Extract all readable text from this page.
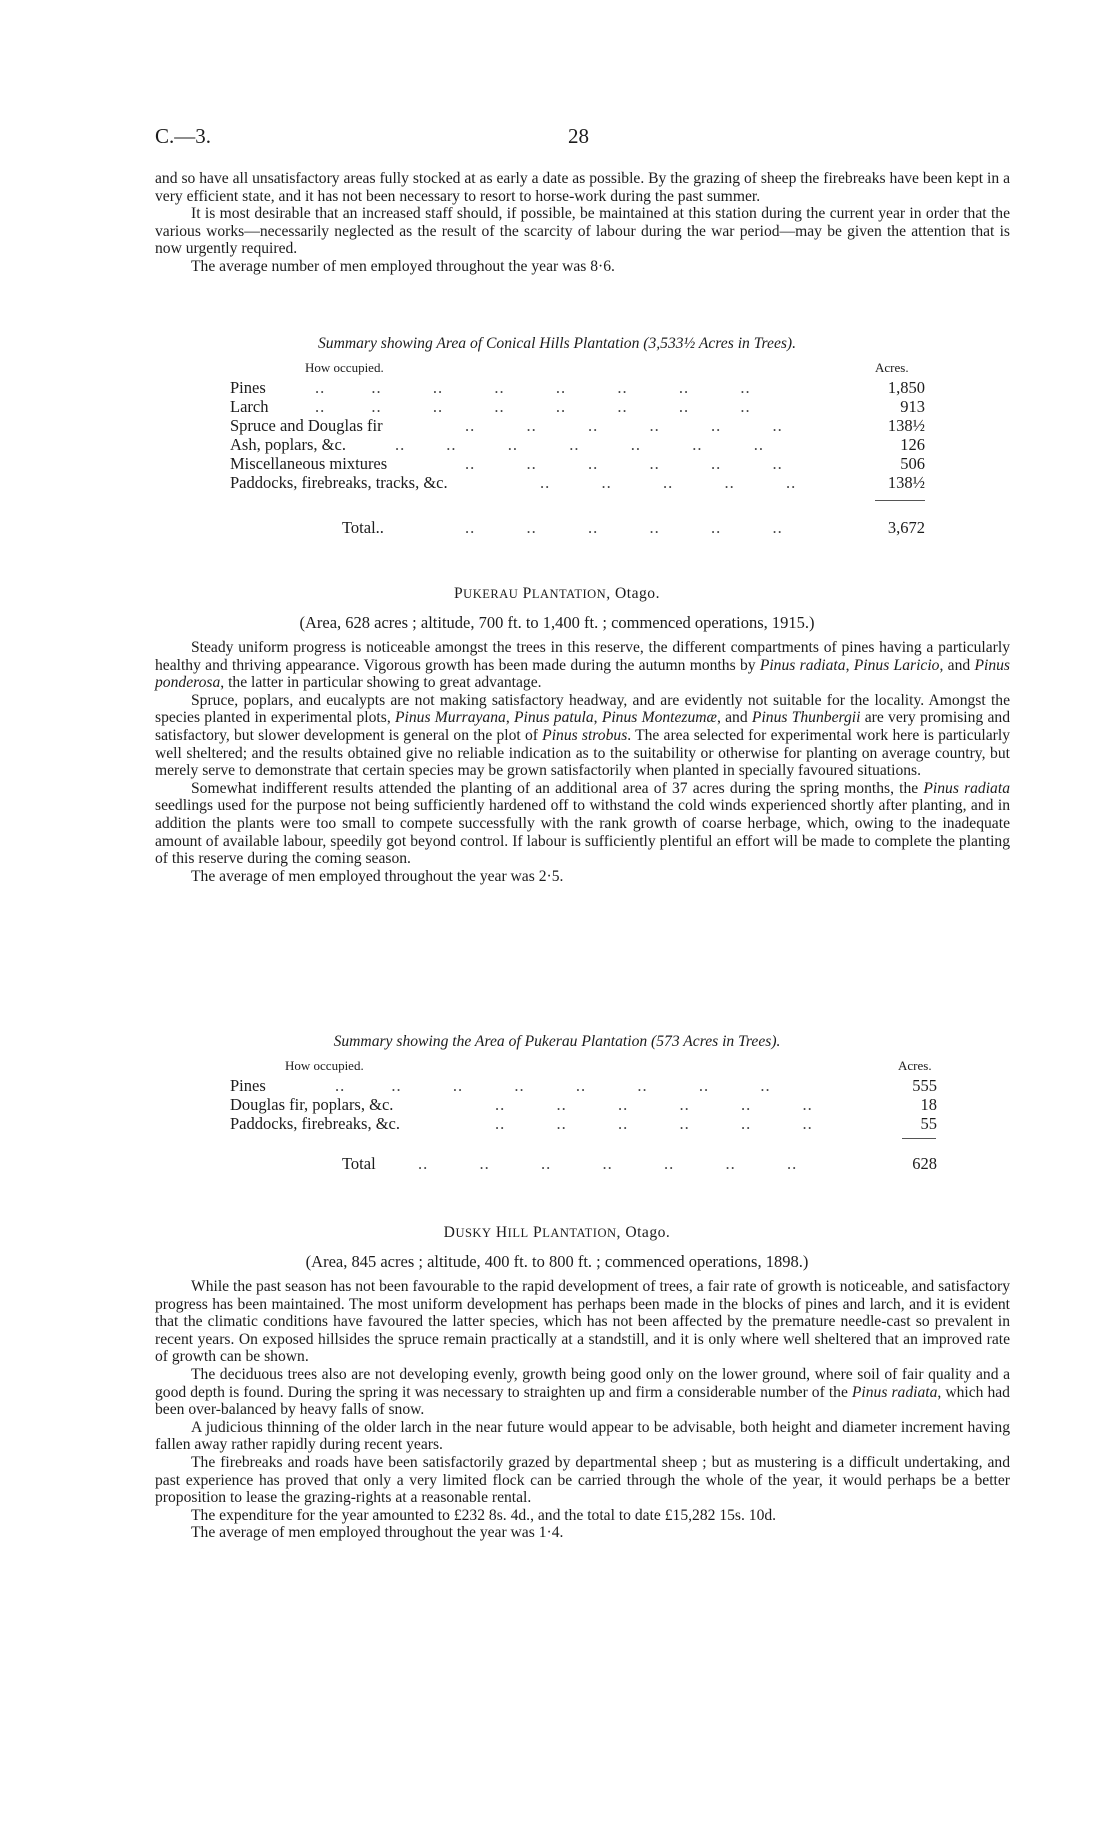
C.—3.	28

and so have all unsatisfactory areas fully stocked at as early a date as possible. By the grazing of sheep the firebreaks have been kept in a very efficient state, and it has not been necessary to resort to horse-work during the past summer.

It is most desirable that an increased staff should, if possible, be maintained at this station during the current year in order that the various works—necessarily neglected as the result of the scarcity of labour during the war period—may be given the attention that is now urgently required.

The average number of men employed throughout the year was 8·6.

Summary showing Area of Conical Hills Plantation (3,533½ Acres in Trees).
How occupied.	Acres.
Pines	..         ..          ..          ..          ..          ..          ..          ..	1,850
Larch	..         ..          ..          ..          ..          ..          ..          ..	913
Spruce and Douglas fir	..          ..          ..          ..          ..          ..	138½
Ash, poplars, &c.	..        ..          ..          ..          ..          ..          ..	126
Miscellaneous mixtures	..          ..          ..          ..          ..          ..	506
Paddocks, firebreaks, tracks, &c.	..          ..          ..          ..          ..	138½
Total..	..          ..          ..          ..          ..          ..	3,672
PUKERAU PLANTATION, Otago.
(Area, 628 acres ; altitude, 700 ft. to 1,400 ft. ; commenced operations, 1915.)

Steady uniform progress is noticeable amongst the trees in this reserve, the different compartments of pines having a particularly healthy and thriving appearance. Vigorous growth has been made during the autumn months by Pinus radiata, Pinus Laricio, and Pinus ponderosa, the latter in particular showing to great advantage.

Spruce, poplars, and eucalypts are not making satisfactory headway, and are evidently not suitable for the locality. Amongst the species planted in experimental plots, Pinus Murrayana, Pinus patula, Pinus Montezumæ, and Pinus Thunbergii are very promising and satisfactory, but slower development is general on the plot of Pinus strobus. The area selected for experimental work here is particularly well sheltered; and the results obtained give no reliable indication as to the suitability or otherwise for planting on average country, but merely serve to demonstrate that certain species may be grown satisfactorily when planted in specially favoured situations.

Somewhat indifferent results attended the planting of an additional area of 37 acres during the spring months, the Pinus radiata seedlings used for the purpose not being sufficiently hardened off to withstand the cold winds experienced shortly after planting, and in addition the plants were too small to compete successfully with the rank growth of coarse herbage, which, owing to the inadequate amount of available labour, speedily got beyond control. If labour is sufficiently plentiful an effort will be made to complete the planting of this reserve during the coming season.

The average of men employed throughout the year was 2·5.

Summary showing the Area of Pukerau Plantation (573 Acres in Trees).
How occupied.	Acres.
Pines	..         ..          ..          ..          ..          ..          ..          ..	555
Douglas fir, poplars, &c.	..          ..          ..          ..          ..          ..	18
Paddocks, firebreaks, &c.	..          ..          ..          ..          ..          ..	55
Total	..          ..          ..          ..          ..          ..          ..	628
DUSKY HILL PLANTATION, Otago.
(Area, 845 acres ; altitude, 400 ft. to 800 ft. ; commenced operations, 1898.)

While the past season has not been favourable to the rapid development of trees, a fair rate of growth is noticeable, and satisfactory progress has been maintained. The most uniform development has perhaps been made in the blocks of pines and larch, and it is evident that the climatic conditions have favoured the latter species, which has not been affected by the premature needle-cast so prevalent in recent years. On exposed hillsides the spruce remain practically at a standstill, and it is only where well sheltered that an improved rate of growth can be shown.

The deciduous trees also are not developing evenly, growth being good only on the lower ground, where soil of fair quality and a good depth is found. During the spring it was necessary to straighten up and firm a considerable number of the Pinus radiata, which had been over-balanced by heavy falls of snow.

A judicious thinning of the older larch in the near future would appear to be advisable, both height and diameter increment having fallen away rather rapidly during recent years.

The firebreaks and roads have been satisfactorily grazed by departmental sheep ; but as mustering is a difficult undertaking, and past experience has proved that only a very limited flock can be carried through the whole of the year, it would perhaps be a better proposition to lease the grazing-rights at a reasonable rental.

The expenditure for the year amounted to £232 8s. 4d., and the total to date £15,282 15s. 10d.

The average of men employed throughout the year was 1·4.
